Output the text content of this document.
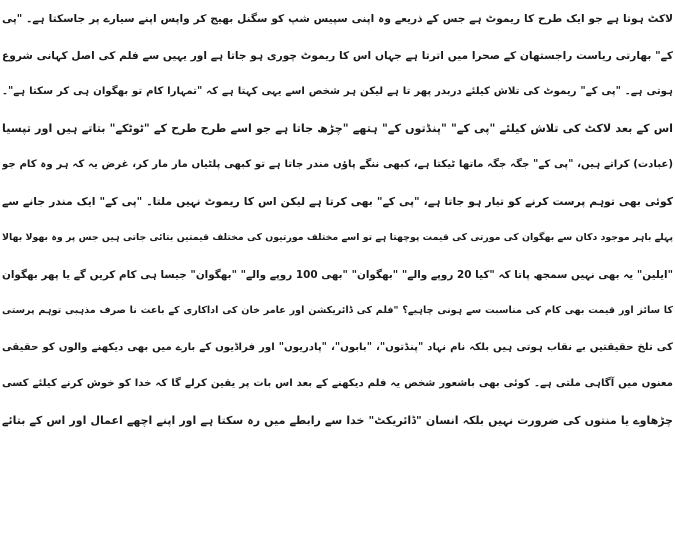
لاکٹ ہوتا ہے جو ایک طرح کا ریموٹ ہے جس کے ذریعے وہ اپنی سپیس شپ کو سگنل بھیج کر واپس اپنے سیارے پر جاسکتا ہے۔ "پی
کے" بھارتی ریاست راجستھان کے صحرا میں اترتا ہے جہاں اس کا ریموٹ چوری ہو جاتا ہے اور یہیں سے فلم کی اصل کہانی شروع
ہوتی ہے۔ "پی کے" ریموٹ کی تلاش کیلئے دربدر پھر تا ہے لیکن ہر شخص اسے یہی کہتا ہے کہ "تمہارا کام تو بھگوان ہی کر سکتا ہے"۔
اس کے بعد لاکٹ کی تلاش کیلئے "پی کے" "پنڈتوں کے" ہتھے "چڑھ جاتا ہے جو اسے طرح طرح کے "ٹوٹکے" بتاتے ہیں اور تپسیا
(عبادت) کراتے ہیں، "پی کے" جگہ جگہ ماتھا ٹیکتا ہے، کبھی ننگے پاؤں مندر جاتا ہے تو کبھی پلٹیاں مار مار کر، غرض یہ کہ ہر وہ کام جو
کوئی بھی توہم پرست کرنے کو تیار ہو جاتا ہے، "پی کے" بھی کرتا ہے لیکن اس کا ریموٹ نہیں ملتا۔ "پی کے" ایک مندر جانے سے
پہلے باہر موجود دکان سے بھگوان کی مورتی کی قیمت پوچھتا ہے تو اسے مختلف مورتیوں کی مختلف قیمتیں بتائی جاتی ہیں جس پر وہ بھولا بھالا
"ایلین" یہ بھی نہیں سمجھ پاتا کہ "کیا 20 روپے والے" "بھگوان" "بھی 100 روپے والے" "بھگوان" جیسا ہی کام کریں گے یا پھر بھگوان
کا سائز اور قیمت بھی کام کی مناسبت سے ہونی چاہیے؟ "فلم کی ڈائریکشن اور عامر خان کی اداکاری کے باعث نا صرف مذہبی توہم پرستی
کی تلخ حقیقتیں بے نقاب ہوتی ہیں بلکہ نام نہاد "پنڈتوں"، "بابوں"، "پادریوں" اور فراڈیوں کے بارے میں بھی دیکھنے والوں کو حقیقی
معنوں میں آگاہی ملتی ہے۔ کوئی بھی باشعور شخص یہ فلم دیکھنے کے بعد اس بات پر یقین کرلے گا کہ خدا کو خوش کرنے کیلئے کسی
چڑھاوے یا منتوں کی ضرورت نہیں بلکہ انسان "ڈائریکٹ" خدا سے رابطے میں رہ سکتا ہے اور اپنے اچھے اعمال اور اس کے بتائے
